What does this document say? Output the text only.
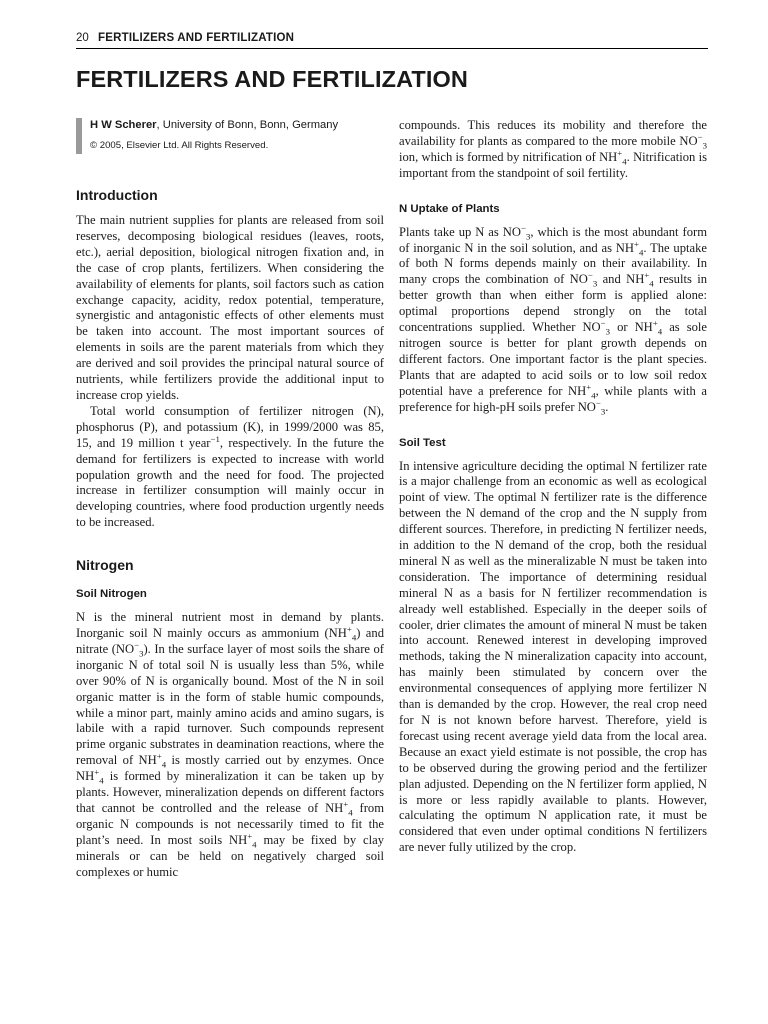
20 FERTILIZERS AND FERTILIZATION
FERTILIZERS AND FERTILIZATION
H W Scherer, University of Bonn, Bonn, Germany
© 2005, Elsevier Ltd. All Rights Reserved.
Introduction

The main nutrient supplies for plants are released from soil reserves, decomposing biological residues (leaves, roots, etc.), aerial deposition, biological nitrogen fixation and, in the case of crop plants, fertilizers. When considering the availability of elements for plants, soil factors such as cation exchange capacity, acidity, redox potential, temperature, synergistic and antagonistic effects of other elements must be taken into account. The most important sources of elements in soils are the parent materials from which they are derived and soil provides the principal natural source of nutrients, while fertilizers provide the additional input to increase crop yields.

Total world consumption of fertilizer nitrogen (N), phosphorus (P), and potassium (K), in 1999/2000 was 85, 15, and 19 million t year$^{-1}$, respectively. In the future the demand for fertilizers is expected to increase with world population growth and the need for food. The projected increase in fertilizer consumption will mainly occur in developing countries, where food production urgently needs to be increased.

Nitrogen
Soil Nitrogen

N is the mineral nutrient most in demand by plants. Inorganic soil N mainly occurs as ammonium $(NH^+_4)$ and nitrate $(NO^-_3)$. In the surface layer of most soils the share of inorganic N of total soil N is usually less than 5%, while over 90% of N is organically bound. Most of the N in soil organic matter is in the form of stable humic compounds, while a minor part, mainly amino acids and amino sugars, is labile with a rapid turnover. Such compounds represent prime organic substrates in deamination reactions, where the removal of $NH^+_4$ is mostly carried out by enzymes. Once $NH^+_4$ is formed by mineralization it can be taken up by plants. However, mineralization depends on different factors that cannot be controlled and the release of $NH^+_4$ from organic N compounds is not necessarily timed to fit the plant’s need. In most soils $NH^+_4$ may be fixed by clay minerals or can be held on negatively charged soil complexes or humic

compounds. This reduces its mobility and therefore the availability for plants as compared to the more mobile $NO^-_3$ ion, which is formed by nitrification of $NH^+_4$. Nitrification is important from the standpoint of soil fertility.

N Uptake of Plants

Plants take up N as $NO^-_3$, which is the most abundant form of inorganic N in the soil solution, and as $NH^+_4$. The uptake of both N forms depends mainly on their availability. In many crops the combination of $NO^-_3$ and $NH^+_4$ results in better growth than when either form is applied alone: optimal proportions depend strongly on the total concentrations supplied. Whether $NO^-_3$ or $NH^+_4$ as sole nitrogen source is better for plant growth depends on different factors. One important factor is the plant species. Plants that are adapted to acid soils or to low soil redox potential have a preference for $NH^+_4$, while plants with a preference for high-pH soils prefer $NO^-_3$.

Soil Test

In intensive agriculture deciding the optimal N fertilizer rate is a major challenge from an economic as well as ecological point of view. The optimal N fertilizer rate is the difference between the N demand of the crop and the N supply from different sources. Therefore, in predicting N fertilizer needs, in addition to the N demand of the crop, both the residual mineral N as well as the mineralizable N must be taken into consideration. The importance of determining residual mineral N as a basis for N fertilizer recommendation is already well established. Especially in the deeper soils of cooler, drier climates the amount of mineral N must be taken into account. Renewed interest in developing improved methods, taking the N mineralization capacity into account, has mainly been stimulated by concern over the environmental consequences of applying more fertilizer N than is demanded by the crop. However, the real crop need for N is not known before harvest. Therefore, yield is forecast using recent average yield data from the local area. Because an exact yield estimate is not possible, the crop has to be observed during the growing period and the fertilizer plan adjusted. Depending on the N fertilizer form applied, N is more or less rapidly available to plants. However, calculating the optimum N application rate, it must be considered that even under optimal conditions N fertilizers are never fully utilized by the crop.
